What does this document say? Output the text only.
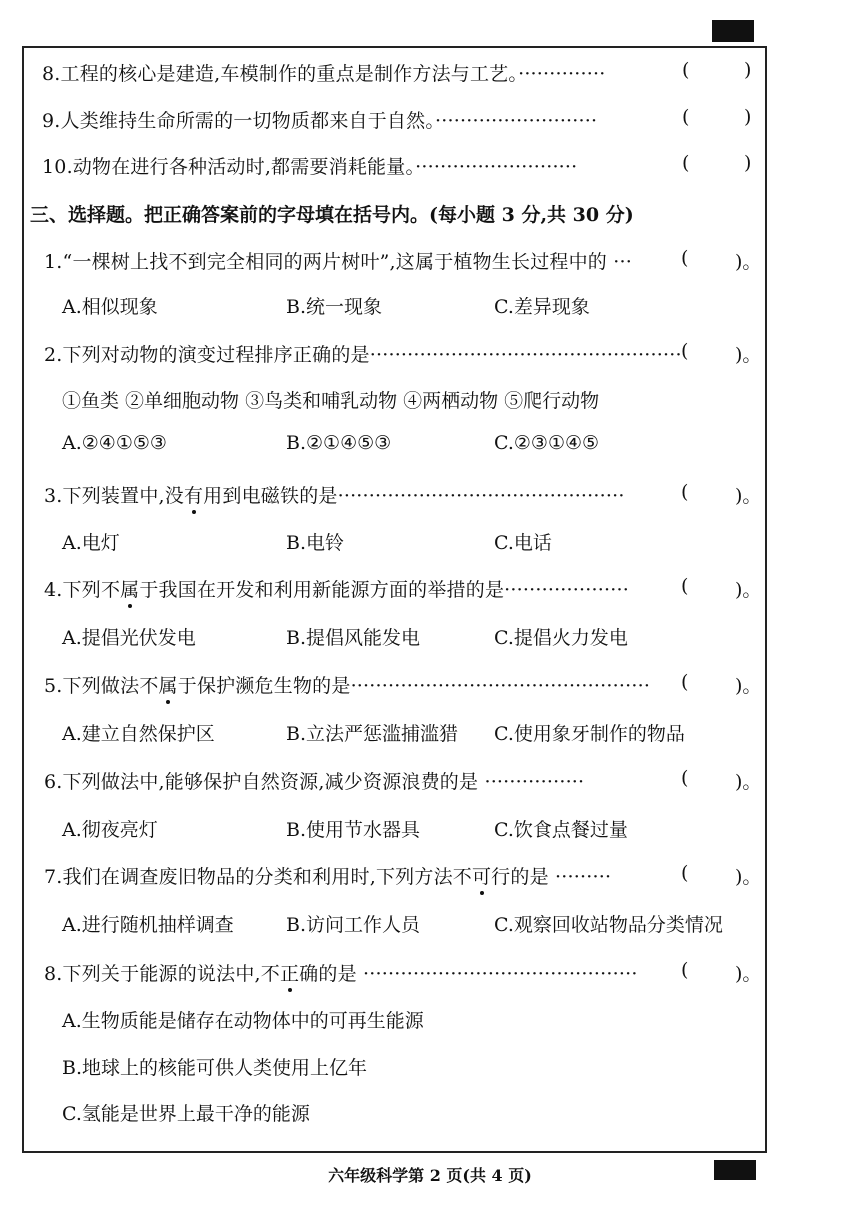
8.工程的核心是建造,车模制作的重点是制作方法与工艺。··············	(	)
9.人类维持生命所需的一切物质都来自于自然。··························	(	)
10.动物在进行各种活动时,都需要消耗能量。··························	(	)
三、选择题。把正确答案前的字母填在括号内。(每小题 3 分,共 30 分)
1.“一棵树上找不到完全相同的两片树叶”,这属于植物生长过程中的 ···	( )。
A.相似现象	B.统一现象	C.差异现象
2.下列对动物的演变过程排序正确的是·················································· ( )。
①鱼类 ②单细胞动物 ③鸟类和哺乳动物 ④两栖动物 ⑤爬行动物
A.②④①⑤③	B.②①④⑤③	C.②③①④⑤
3.下列装置中,没有用到电磁铁的是··············································	( )。
A.电灯	B.电铃	C.电话
4.下列不属于我国在开发和利用新能源方面的举措的是····················	( )。
A.提倡光伏发电	B.提倡风能发电	C.提倡火力发电
5.下列做法不属于保护濒危生物的是················································ ( )。
A.建立自然保护区	B.立法严惩滥捕滥猎 C.使用象牙制作的物品
6.下列做法中,能够保护自然资源,减少资源浪费的是 ················	( )。
A.彻夜亮灯	B.使用节水器具	C.饮食点餐过量
7.我们在调查废旧物品的分类和利用时,下列方法不可行的是 ·········	( )。
A.进行随机抽样调查	B.访问工作人员	C.观察回收站物品分类情况
8.下列关于能源的说法中,不正确的是 ············································ ( )。
A.生物质能是储存在动物体中的可再生能源
B.地球上的核能可供人类使用上亿年
C.氢能是世界上最干净的能源
六年级科学第 2 页(共 4 页)
